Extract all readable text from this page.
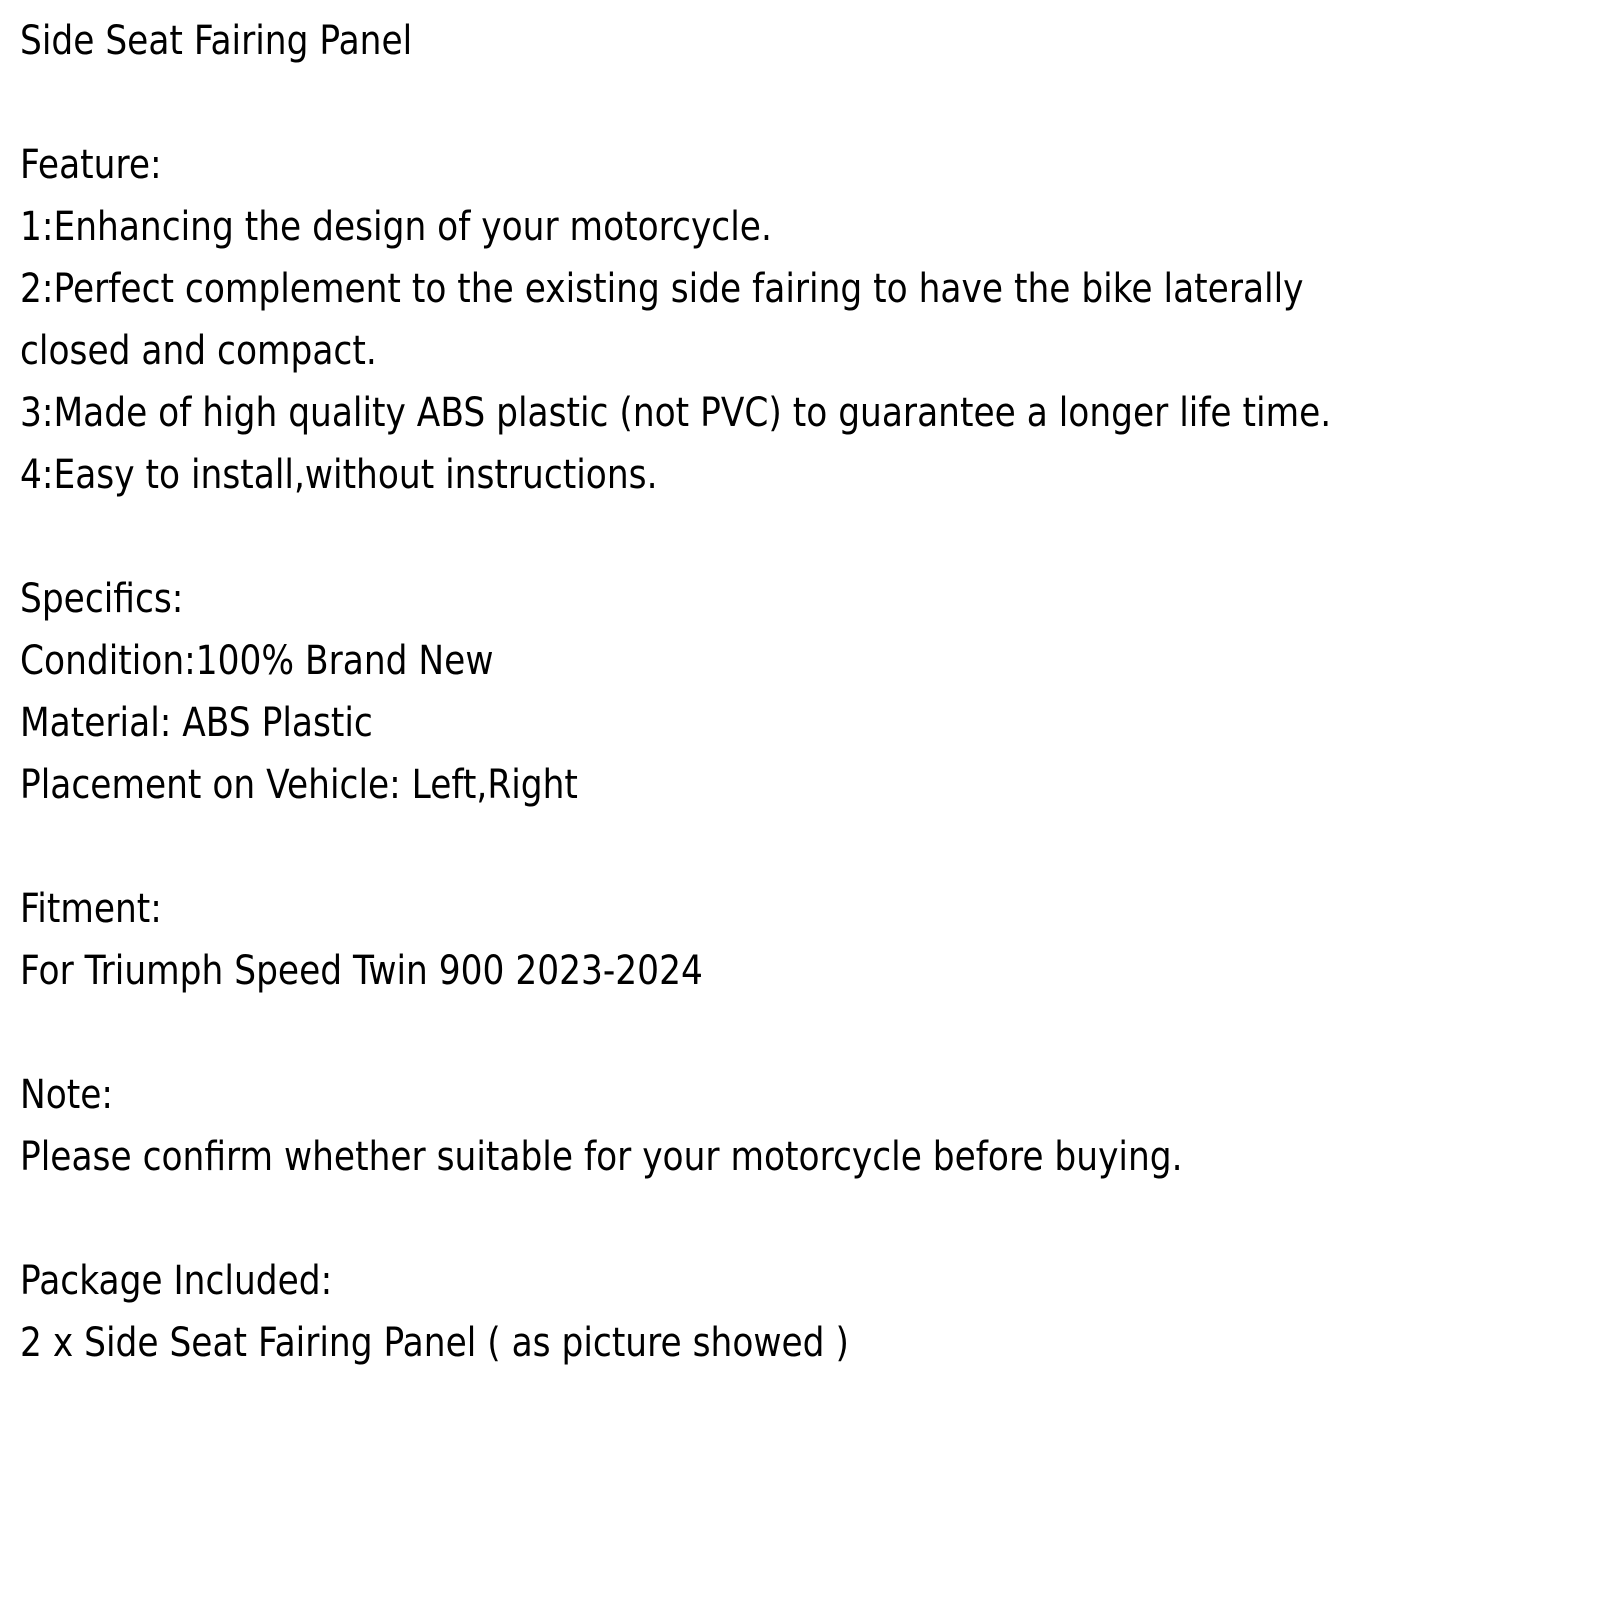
Side Seat Fairing Panel
Feature:
1:Enhancing the design of your motorcycle.
2:Perfect complement to the existing side fairing to have the bike laterally
closed and compact.
3:Made of high quality ABS plastic (not PVC) to guarantee a longer life time.
4:Easy to install,without instructions.
Specifics:
Condition:100% Brand New
Material: ABS Plastic
Placement on Vehicle: Left,Right
Fitment:
For Triumph Speed Twin 900 2023-2024
Note:
Please confirm whether suitable for your motorcycle before buying.
Package Included:
2 x Side Seat Fairing Panel ( as picture showed )
